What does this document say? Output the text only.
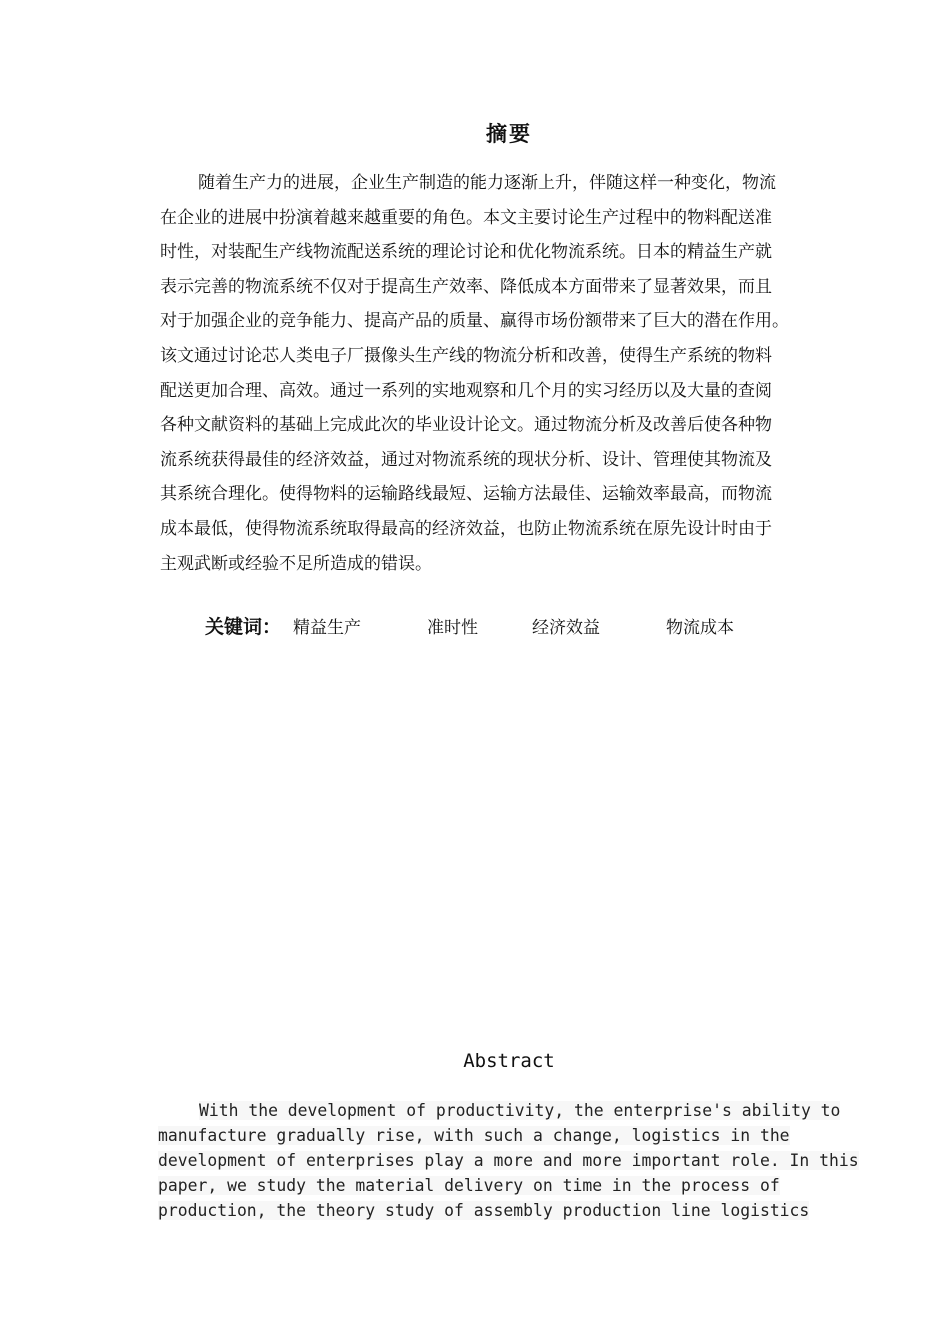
摘要
随着生产力的进展，企业生产制造的能力逐渐上升，伴随这样一种变化，物流
在企业的进展中扮演着越来越重要的角色。本文主要讨论生产过程中的物料配送准
时性，对装配生产线物流配送系统的理论讨论和优化物流系统。日本的精益生产就
表示完善的物流系统不仅对于提高生产效率、降低成本方面带来了显著效果，而且
对于加强企业的竞争能力、提高产品的质量、赢得市场份额带来了巨大的潜在作用。
该文通过讨论芯人类电子厂摄像头生产线的物流分析和改善，使得生产系统的物料
配送更加合理、高效。通过一系列的实地观察和几个月的实习经历以及大量的查阅
各种文献资料的基础上完成此次的毕业设计论文。通过物流分析及改善后使各种物
流系统获得最佳的经济效益，通过对物流系统的现状分析、设计、管理使其物流及
其系统合理化。使得物料的运输路线最短、运输方法最佳、运输效率最高，而物流
成本最低，使得物流系统取得最高的经济效益，也防止物流系统在原先设计时由于
主观武断或经验不足所造成的错误。
关键词： 精益生产	准时性	经济效益	物流成本
Abstract
With the development of productivity, the enterprise's ability to
manufacture gradually rise, with such a change, logistics in the
development of enterprises play a more and more important role. In this
paper, we study the material delivery on time in the process of
production, the theory study of assembly production line logistics
